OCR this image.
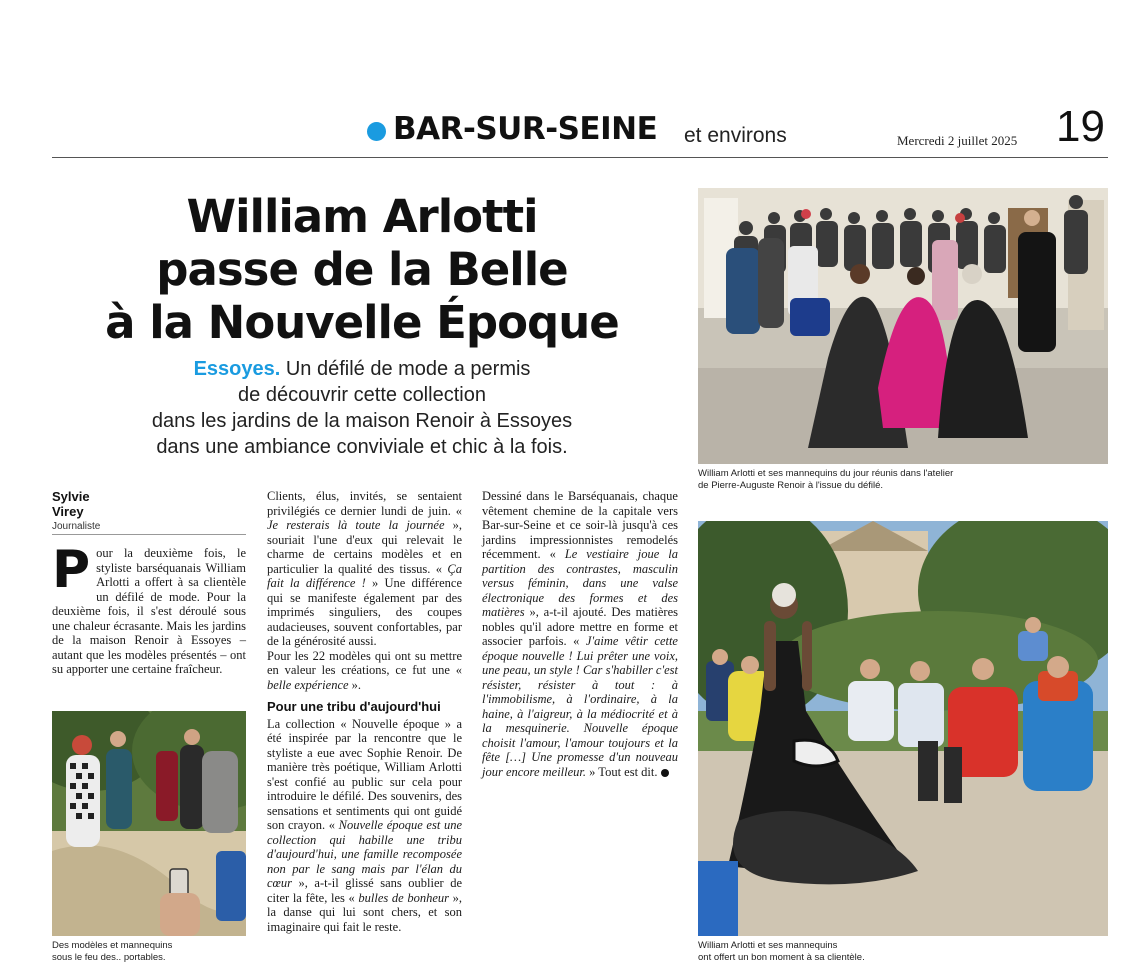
BAR-SUR-SEINE et environs	Mercredi 2 juillet 2025 19
William Arlotti
passe de la Belle
à la Nouvelle Époque
Essoyes. Un défilé de mode a permis
de découvrir cette collection
dans les jardins de la maison Renoir à Essoyes
dans une ambiance conviviale et chic à la fois.
Sylvie
Virey
Journaliste

Pour la deuxième fois, le styliste barséquanais William Arlotti a offert à sa clientèle un défilé de mode. Pour la deuxième fois, il s'est déroulé sous une chaleur écrasante. Mais les jardins de la maison Renoir à Essoyes – autant que les modèles présentés – ont su apporter une certaine fraîcheur.

Clients, élus, invités, se sentaient privilégiés ce dernier lundi de juin. « Je resterais là toute la journée », souriait l'une d'eux qui relevait le charme de certains modèles et en particulier la qualité des tissus. « Ça fait la différence ! » Une différence qui se manifeste également par des imprimés singuliers, des coupes audacieuses, souvent confortables, par de la générosité aussi.

Pour les 22 modèles qui ont su mettre en valeur les créations, ce fut une « belle expérience ».

Pour une tribu d'aujourd'hui

La collection « Nouvelle époque » a été inspirée par la rencontre que le styliste a eue avec Sophie Renoir. De manière très poétique, William Arlotti s'est confié au public sur cela pour introduire le défilé. Des souvenirs, des sensations et sentiments qui ont guidé son crayon. « Nouvelle époque est une collection qui habille une tribu d'aujourd'hui, une famille recomposée non par le sang mais par l'élan du cœur », a-t-il glissé sans oublier de citer la fête, les « bulles de bonheur », la danse qui lui sont chers, et son imaginaire qui fait le reste.

Dessiné dans le Barséquanais, chaque vêtement chemine de la capitale vers Bar-sur-Seine et ce soir-là jusqu'à ces jardins impressionnistes remodelés récemment. « Le vestiaire joue la partition des contrastes, masculin versus féminin, dans une valse électronique des formes et des matières », a-t-il ajouté. Des matières nobles qu'il adore mettre en forme et associer parfois. « J'aime vêtir cette époque nouvelle ! Lui prêter une voix, une peau, un style ! Car s'habiller c'est résister, résister à tout : à l'immobilisme, à l'ordinaire, à la haine, à l'aigreur, à la médiocrité et à la mesquinerie. Nouvelle époque choisit l'amour, l'amour toujours et la fête […] Une promesse d'un nouveau jour encore meilleur. » Tout est dit.

William Arlotti et ses mannequins du jour réunis dans l'atelier
de Pierre-Auguste Renoir à l'issue du défilé.
William Arlotti et ses mannequins
ont offert un bon moment à sa clientèle.
Des modèles et mannequins
sous le feu des.. portables.
